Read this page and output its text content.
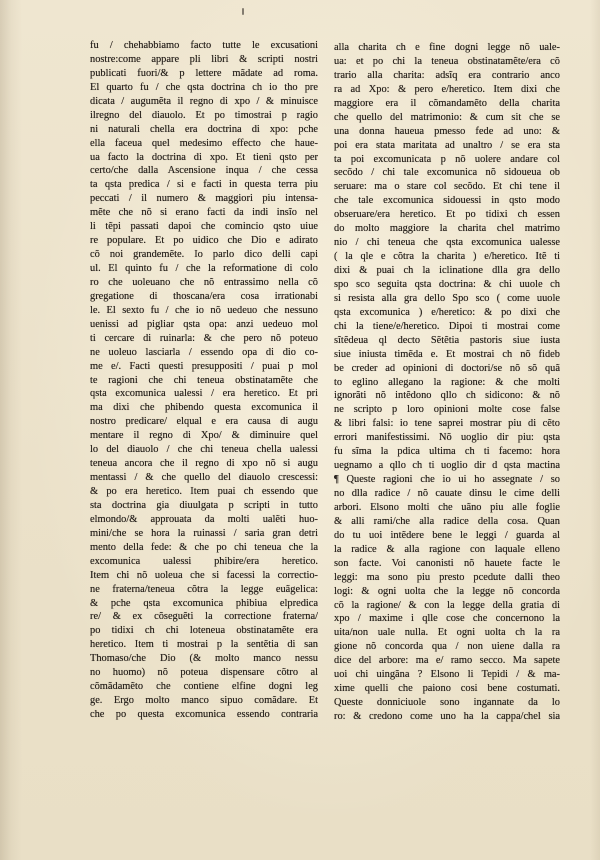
fu / chehabbiamo facto tutte le excusationi
nostre:come appare pli libri & scripti nostri
publicati fuori/& p lettere mãdate ad roma.
El quarto fu / che qsta doctrina ch io tho pre
dicata / augumẽta il regno di xpo / & minuisce
ilregno del diauolo. Et po timostrai p ragio
ni naturali chella era doctrina di xpo: pche
ella faceua quel medesimo effecto che haue-
ua facto la doctrina di xpo. Et tieni qsto per
certo/che dalla Ascensione inqua / che cessa
ta qsta predica / si e facti in questa terra piu
peccati / il numero & maggiori piu intensa-
mẽte che nõ si erano facti da indi insĩo nel
li tẽpi passati dapoi che comincio qsto uiue
re populare. Et po uidico che Dio e adirato
cõ noi grandemẽte. Io parlo dico delli capi
ul. El quinto fu / che la reformatione di colo
ro che uoleuano che nõ entrassimo nella cõ
gregatione di thoscana/era cosa irrationabi
le. El sexto fu / che io nõ uedeuo che nessuno
uenissi ad pigliar qsta opa: anzi uedeuo mol
ti cercare di ruinarla: & che pero nõ poteuo
ne uoleuo lasciarla / essendo opa di dio co-
me e/. Facti questi presuppositi / puai p mol
te ragioni che chi teneua obstinatamẽte che
qsta excomunica ualessi / era heretico. Et pri
ma dixi che phibendo questa excomunica il
nostro predicare/ elqual e era causa di augu
mentare il regno di Xpo/ & diminuire quel
lo del diauolo / che chi teneua chella ualessi
teneua ancora che il regno di xpo nõ si augu
mentassi / & che quello del diauolo crescessi:
& po era heretico. Item puai ch essendo que
sta doctrina gia diuulgata p scripti in tutto
elmondo/& approuata da molti ualẽti huo-
mini/che se hora la ruinassi / saria gran detri
mento della fede: & che po chi teneua che la
excomunica ualessi phibire/era heretico.
Item chi nõ uoleua che si facessi la correctio-
ne fraterna/teneua cõtra la legge euãgelica:
& pche qsta excomunica phibiua elpredica
re/ & ex cõseguẽti la correctione fraterna/
po tidixi ch chi loteneua obstinatamẽte era
heretico. Item ti mostrai p la sentẽtia di san
Thomaso/che Dio (& molto manco nessu
no huomo) nõ poteua dispensare cõtro al
cõmãdamẽto che contiene elfine dogni leg
ge. Ergo molto manco sipuo comãdare. Et
che po questa excomunica essendo contraria
alla charita ch e fine dogni legge nõ uale-
ua: et po chi la teneua obstinatamẽte/era cõ
trario alla charita: adsĩq era contrario anco
ra ad Xpo: & pero e/heretico. Item dixi che
maggiore era il cõmandamẽto della charita
che quello del matrimonio: & cum sit che se
una donna haueua pmesso fede ad uno: &
poi era stata maritata ad unaltro / se era sta
ta poi excomunicata p nõ uolere andare col
secõdo / chi tale excomunica nõ sidoueua ob
seruare: ma o stare col secõdo. Et chi tene il
che tale excomunica sidouessi in qsto modo
obseruare/era heretico. Et po tidixi ch essen
do molto maggiore la charita chel matrimo
nio / chi teneua che qsta excomunica ualesse
( la qle e cõtra la charita ) e/heretico. Itẽ ti
dixi & puai ch la iclinatione dlla gra dello
spo sco seguita qsta doctrina: & chi uuole ch
si resista alla gra dello Spo sco ( come uuole
qsta excomunica ) e/heretico: & po dixi che
chi la tiene/e/heretico. Dipoi ti mostrai come
sĩtẽdeua ql decto Sẽtẽtia pastoris siue iusta
siue iniusta timẽda e. Et mostrai ch nõ fideb
be creder ad opinioni di doctori/se nõ sõ quã
to eglino allegano la ragione: & che molti
ignorãti nõ intẽdono qllo ch sidicono: & nõ
ne scripto p loro opinioni molte cose false
& libri falsi: io tene saprei mostrar piu di cẽto
errori manifestissimi. Nõ uoglio dir piu: qsta
fu sĩma la pdica ultima ch ti facemo: hora
uegnamo a qllo ch ti uoglio dir d qsta mactina
¶ Queste ragioni che io ui ho assegnate / so
no dlla radice / nõ cauate dinsu le cime delli
arbori. Elsono molti che uãno piu alle foglie
& alli rami/che alla radice della cosa. Quan
do tu uoi intẽdere bene le leggi / guarda al
la radice & alla ragione con laquale elleno
son facte. Voi canonisti nõ hauete facte le
leggi: ma sono piu presto pcedute dalli theo
logi: & ogni uolta che la legge nõ concorda
cõ la ragione/ & con la legge della gratia di
xpo / maxime i qlle cose che concernono la
uita/non uale nulla. Et ogni uolta ch la ra
gione nõ concorda qua / non uiene dalla ra
dice del arbore: ma e/ ramo secco. Ma sapete
uoi chi uingãna ? Elsono li Tepidi / & ma-
xime quelli che paiono cosi bene costumati.
Queste donniciuole sono ingannate da lo
ro: & credono come uno ha la cappa/chel sia
